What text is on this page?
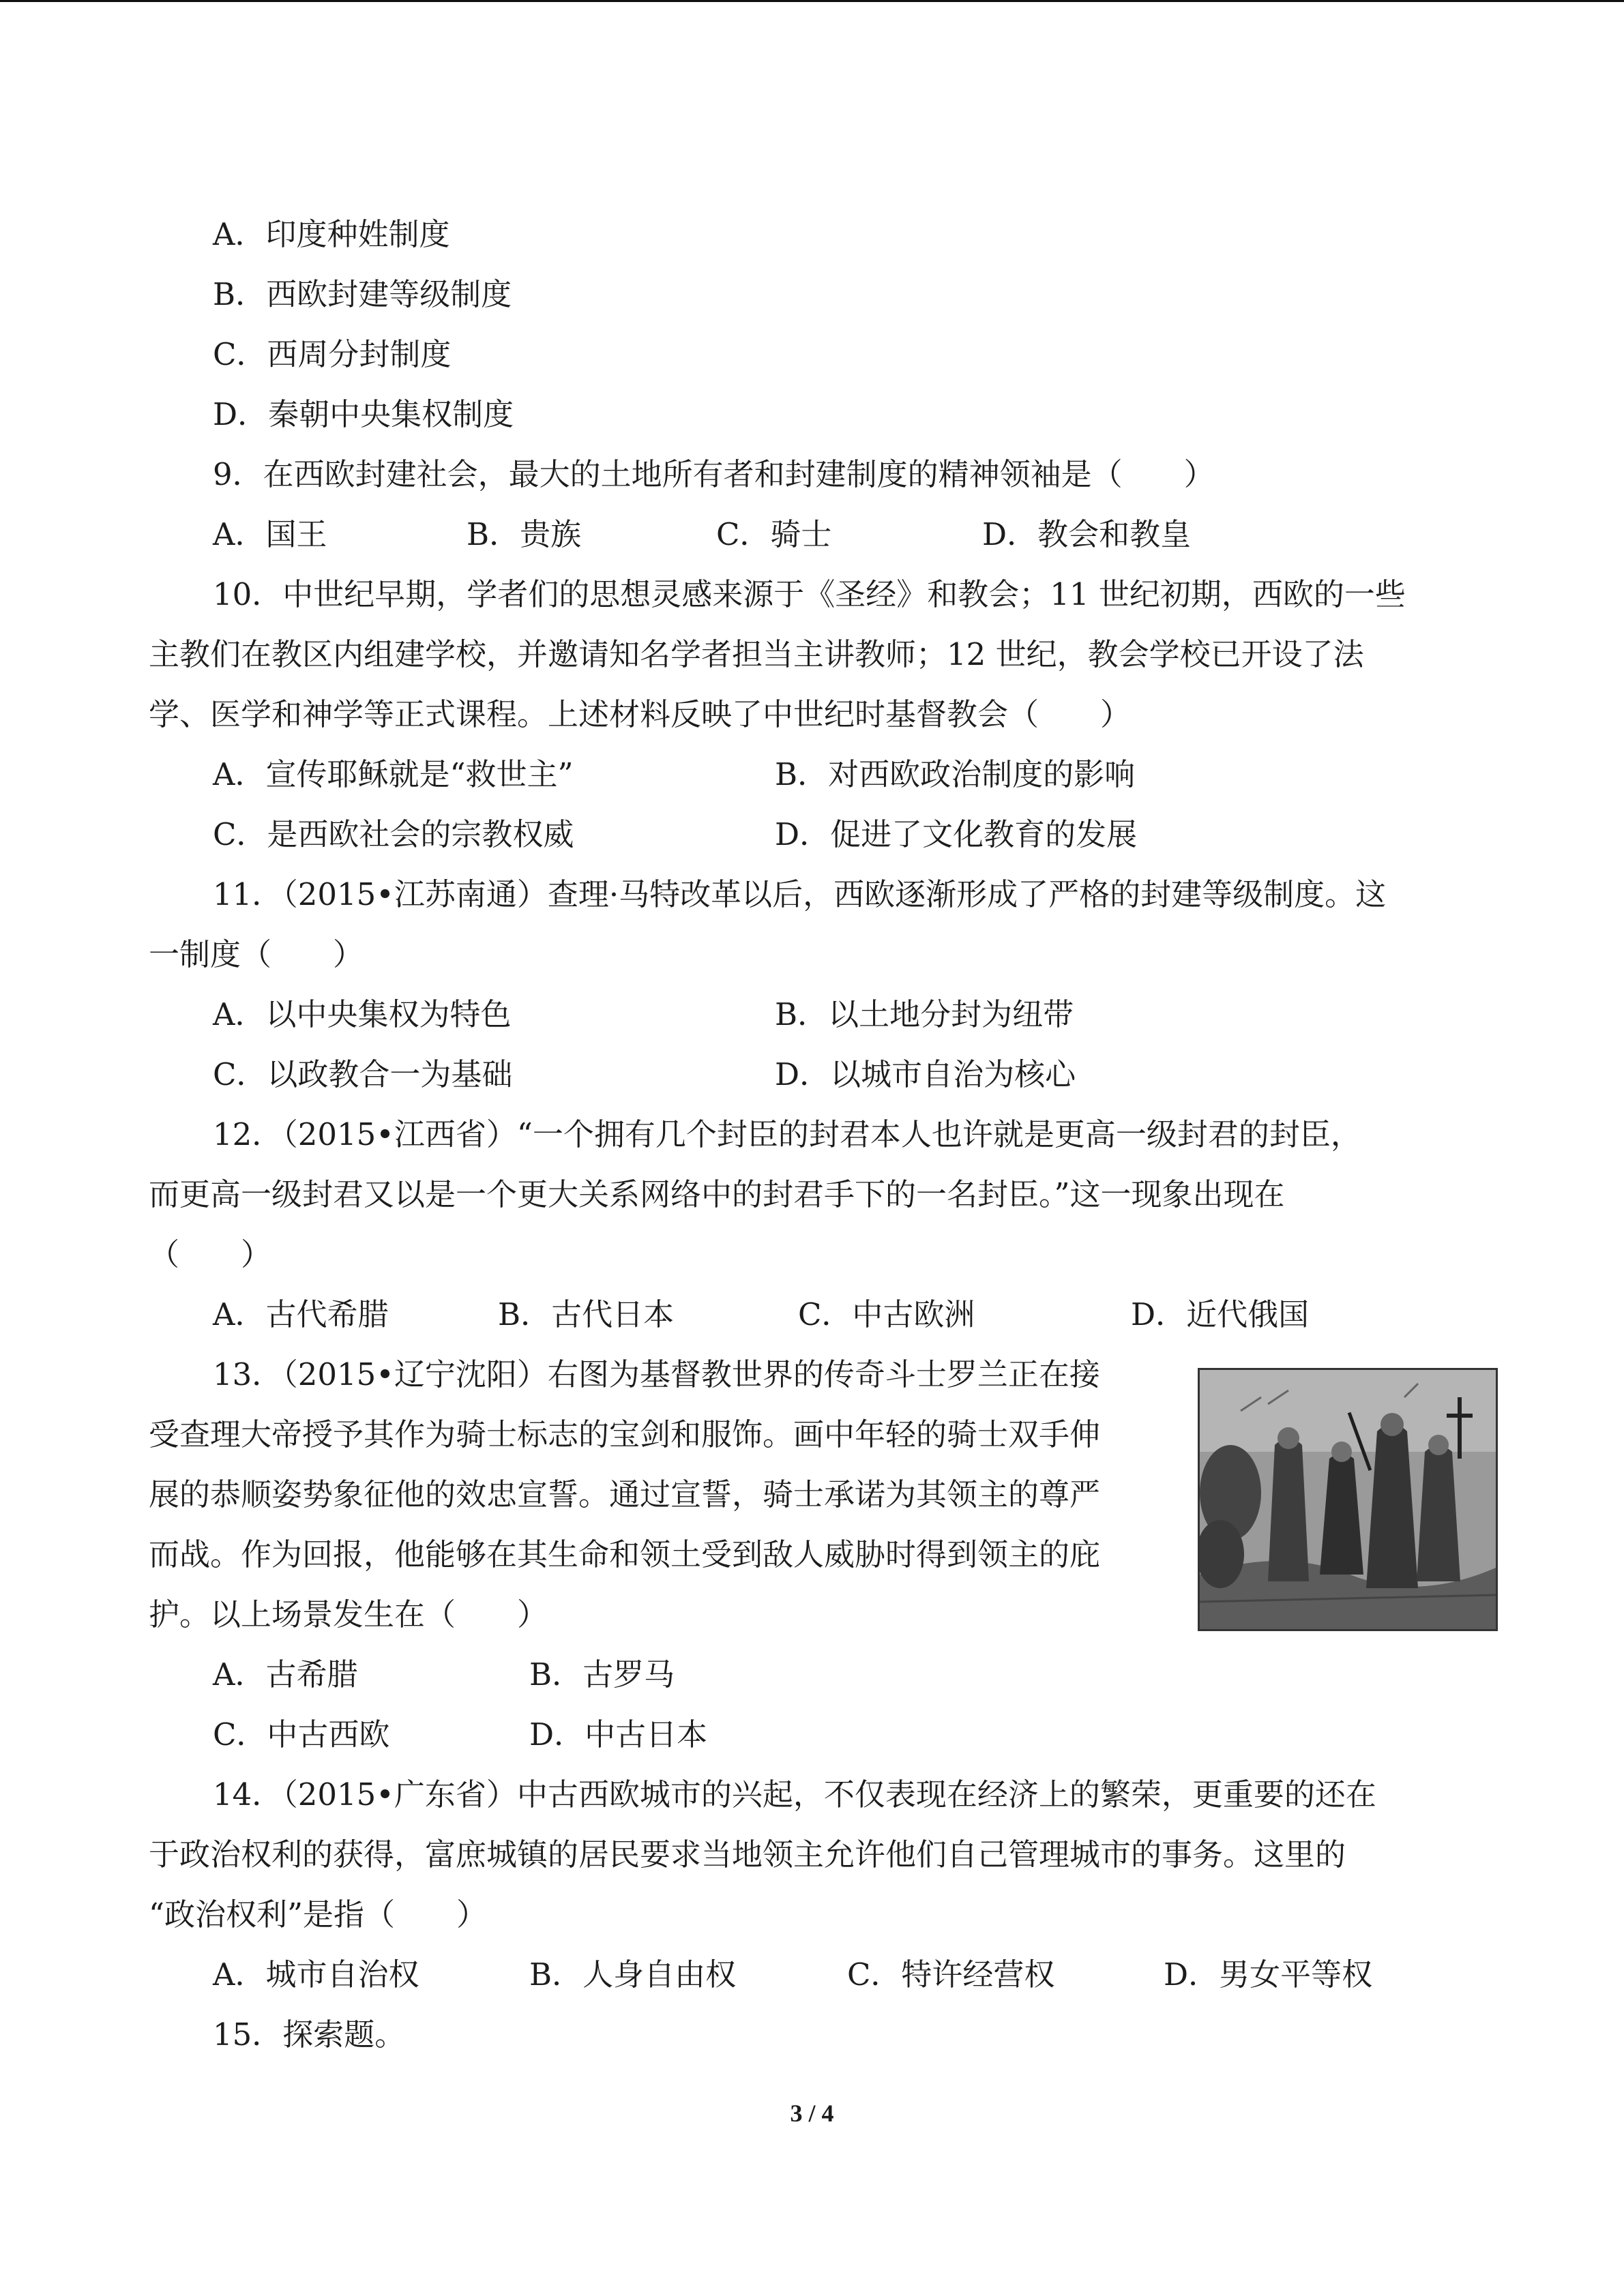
A．印度种姓制度
B．西欧封建等级制度
C．西周分封制度
D．秦朝中央集权制度
9．在西欧封建社会，最大的土地所有者和封建制度的精神领袖是（　　）
A．国王	B．贵族	C．骑士	D．教会和教皇
10．中世纪早期，学者们的思想灵感来源于《圣经》和教会；11 世纪初期，西欧的一些
主教们在教区内组建学校，并邀请知名学者担当主讲教师；12 世纪，教会学校已开设了法
学、医学和神学等正式课程。上述材料反映了中世纪时基督教会（　　）
A．宣传耶稣就是“救世主”	B．对西欧政治制度的影响
C．是西欧社会的宗教权威	D．促进了文化教育的发展
11．（2015•江苏南通）查理·马特改革以后，西欧逐渐形成了严格的封建等级制度。这
一制度（　　）
A．以中央集权为特色	B．以土地分封为纽带
C．以政教合一为基础	D．以城市自治为核心
12．（2015•江西省）“一个拥有几个封臣的封君本人也许就是更高一级封君的封臣，
而更高一级封君又以是一个更大关系网络中的封君手下的一名封臣。”这一现象出现在
（　　）
A．古代希腊	B．古代日本	C．中古欧洲	D．近代俄国
13．（2015•辽宁沈阳）右图为基督教世界的传奇斗士罗兰正在接
受查理大帝授予其作为骑士标志的宝剑和服饰。画中年轻的骑士双手伸
展的恭顺姿势象征他的效忠宣誓。通过宣誓，骑士承诺为其领主的尊严
而战。作为回报，他能够在其生命和领土受到敌人威胁时得到领主的庇
护。以上场景发生在（　　）
A．古希腊	B．古罗马
C．中古西欧	D．中古日本
14．（2015•广东省）中古西欧城市的兴起，不仅表现在经济上的繁荣，更重要的还在
于政治权利的获得，富庶城镇的居民要求当地领主允许他们自己管理城市的事务。这里的
“政治权利”是指（　　）
A．城市自治权	B．人身自由权	C．特许经营权	D．男女平等权
15．探索题。
3 / 4
